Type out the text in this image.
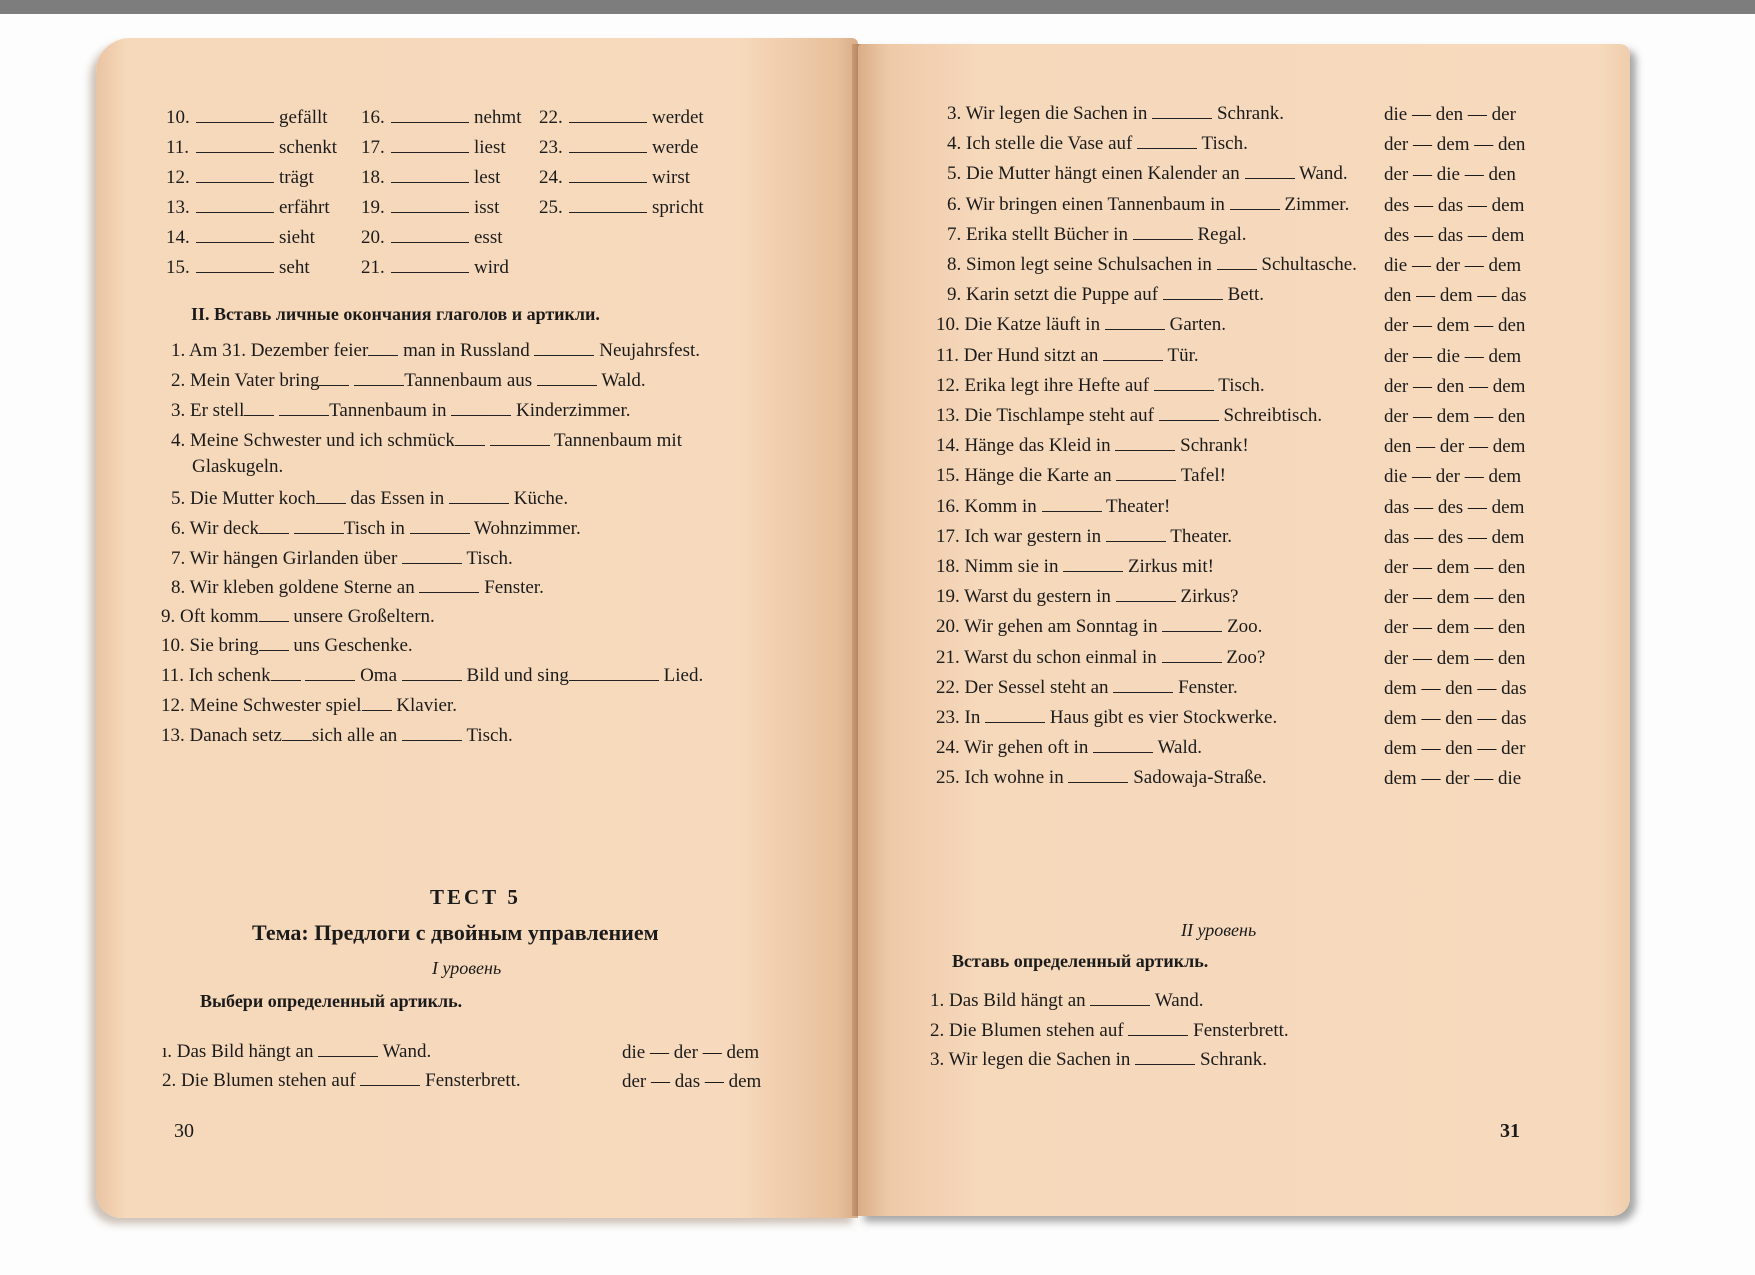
10.	gefällt 16.	nehmt 22.	werdet
11.	schenkt 17.	liest 23.	werde
12.	trägt 18.	lest 24.	wirst
13.	erfährt 19.	isst 25.	spricht
14.	sieht 20.	esst
15.	seht	21.	wird
II. Вставь личные окончания глаголов и артикли.
1. Am 31. Dezember feier man in Russland	Neujahrsfest.
2. Mein Vater bring	Tannenbaum aus	Wald.
3. Er stell	Tannenbaum in	Kinderzimmer.
4. Meine Schwester und ich schmück	Tannenbaum mit
Glaskugeln.
5. Die Mutter koch das Essen in	Küche.
6. Wir deck	Tisch in	Wohnzimmer.
7. Wir hängen Girlanden über	Tisch.
8. Wir kleben goldene Sterne an	Fenster.
9. Oft komm unsere Großeltern.
10. Sie bring uns Geschenke.
11. Ich schenk	Oma	Bild und sing	Lied.
12. Meine Schwester spiel Klavier.
13. Danach setz sich alle an	Tisch.
ТЕСТ 5
Тема: Предлоги с двойным управлением
I уровень
Выбери определенный артикль.
ı. Das Bild hängt an	Wand.	die — der — dem
2. Die Blumen stehen auf	Fensterbrett.	der — das — dem
30
3. Wir legen die Sachen in	Schrank.	die — den — der
4. Ich stelle die Vase auf	Tisch.	der — dem — den
5. Die Mutter hängt einen Kalender an	Wand. der — die — den
6. Wir bringen einen Tannenbaum in	Zimmer. des — das — dem
7. Erika stellt Bücher in	Regal.	des — das — dem
8. Simon legt seine Schulsachen in  Schultasche. die — der — dem
9. Karin setzt die Puppe auf	Bett.	den — dem — das
10. Die Katze läuft in	Garten.	der — dem — den
11. Der Hund sitzt an	Tür.	der — die — dem
12. Erika legt ihre Hefte auf	Tisch.	der — den — dem
13. Die Tischlampe steht auf	Schreibtisch.	der — dem — den
14. Hänge das Kleid in	Schrank!	den — der — dem
15. Hänge die Karte an	Tafel!	die — der — dem
16. Komm in	Theater!	das — des — dem
17. Ich war gestern in	Theater.	das — des — dem
18. Nimm sie in	Zirkus mit!	der — dem — den
19. Warst du gestern in	Zirkus?	der — dem — den
20. Wir gehen am Sonntag in	Zoo.	der — dem — den
21. Warst du schon einmal in	Zoo?	der — dem — den
22. Der Sessel steht an	Fenster.	dem — den — das
23. In	Haus gibt es vier Stockwerke.	dem — den — das
24. Wir gehen oft in	Wald.	dem — den — der
25. Ich wohne in	Sadowaja-Straße.	dem — der — die
II уровень
Вставь определенный артикль.
1. Das Bild hängt an	Wand.
2. Die Blumen stehen auf	Fensterbrett.
3. Wir legen die Sachen in	Schrank.
31
